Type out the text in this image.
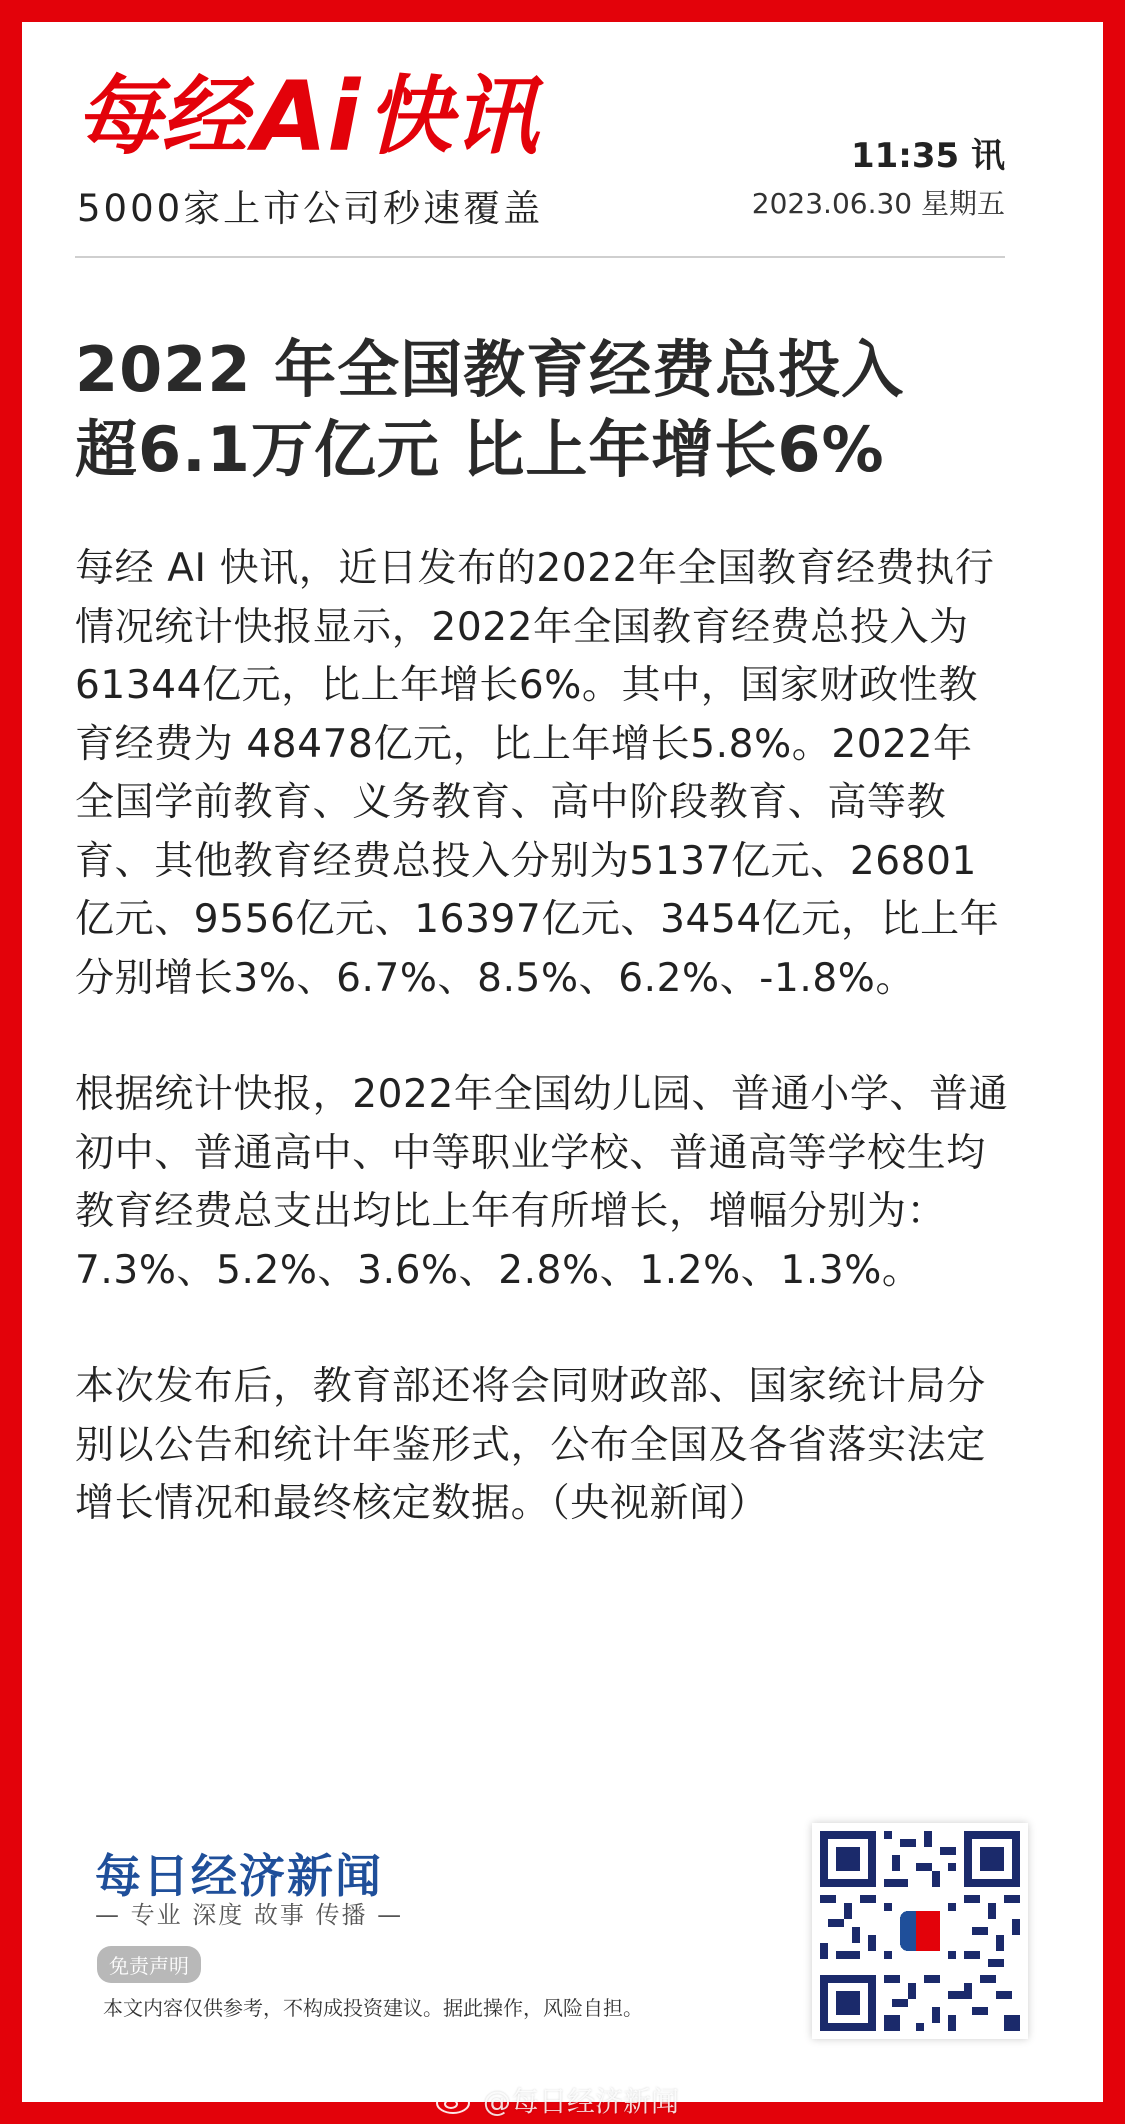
每经 Ai 快讯
5000家上市公司秒速覆盖
11:35 讯
2023.06.30 星期五
2022 年全国教育经费总投入
超6.1万亿元 比上年增长6%

每经 AI 快讯，近日发布的2022年全国教育经费执行情况统计快报显示，2022年全国教育经费总投入为61344亿元，比上年增长6%。其中，国家财政性教育经费为 48478亿元，比上年增长5.8%。2022年全国学前教育、义务教育、高中阶段教育、高等教育、其他教育经费总投入分别为5137亿元、26801亿元、9556亿元、16397亿元、3454亿元，比上年分别增长3%、6.7%、8.5%、6.2%、-1.8%。

根据统计快报，2022年全国幼儿园、普通小学、普通初中、普通高中、中等职业学校、普通高等学校生均教育经费总支出均比上年有所增长，增幅分别为：7.3%、5.2%、3.6%、2.8%、1.2%、1.3%。

本次发布后，教育部还将会同财政部、国家统计局分别以公告和统计年鉴形式，公布全国及各省落实法定增长情况和最终核定数据。（央视新闻）

每日经济新闻
— 专业 深度 故事 传播 —
免责声明
本文内容仅供参考，不构成投资建议。据此操作，风险自担。
@每日经济新闻
